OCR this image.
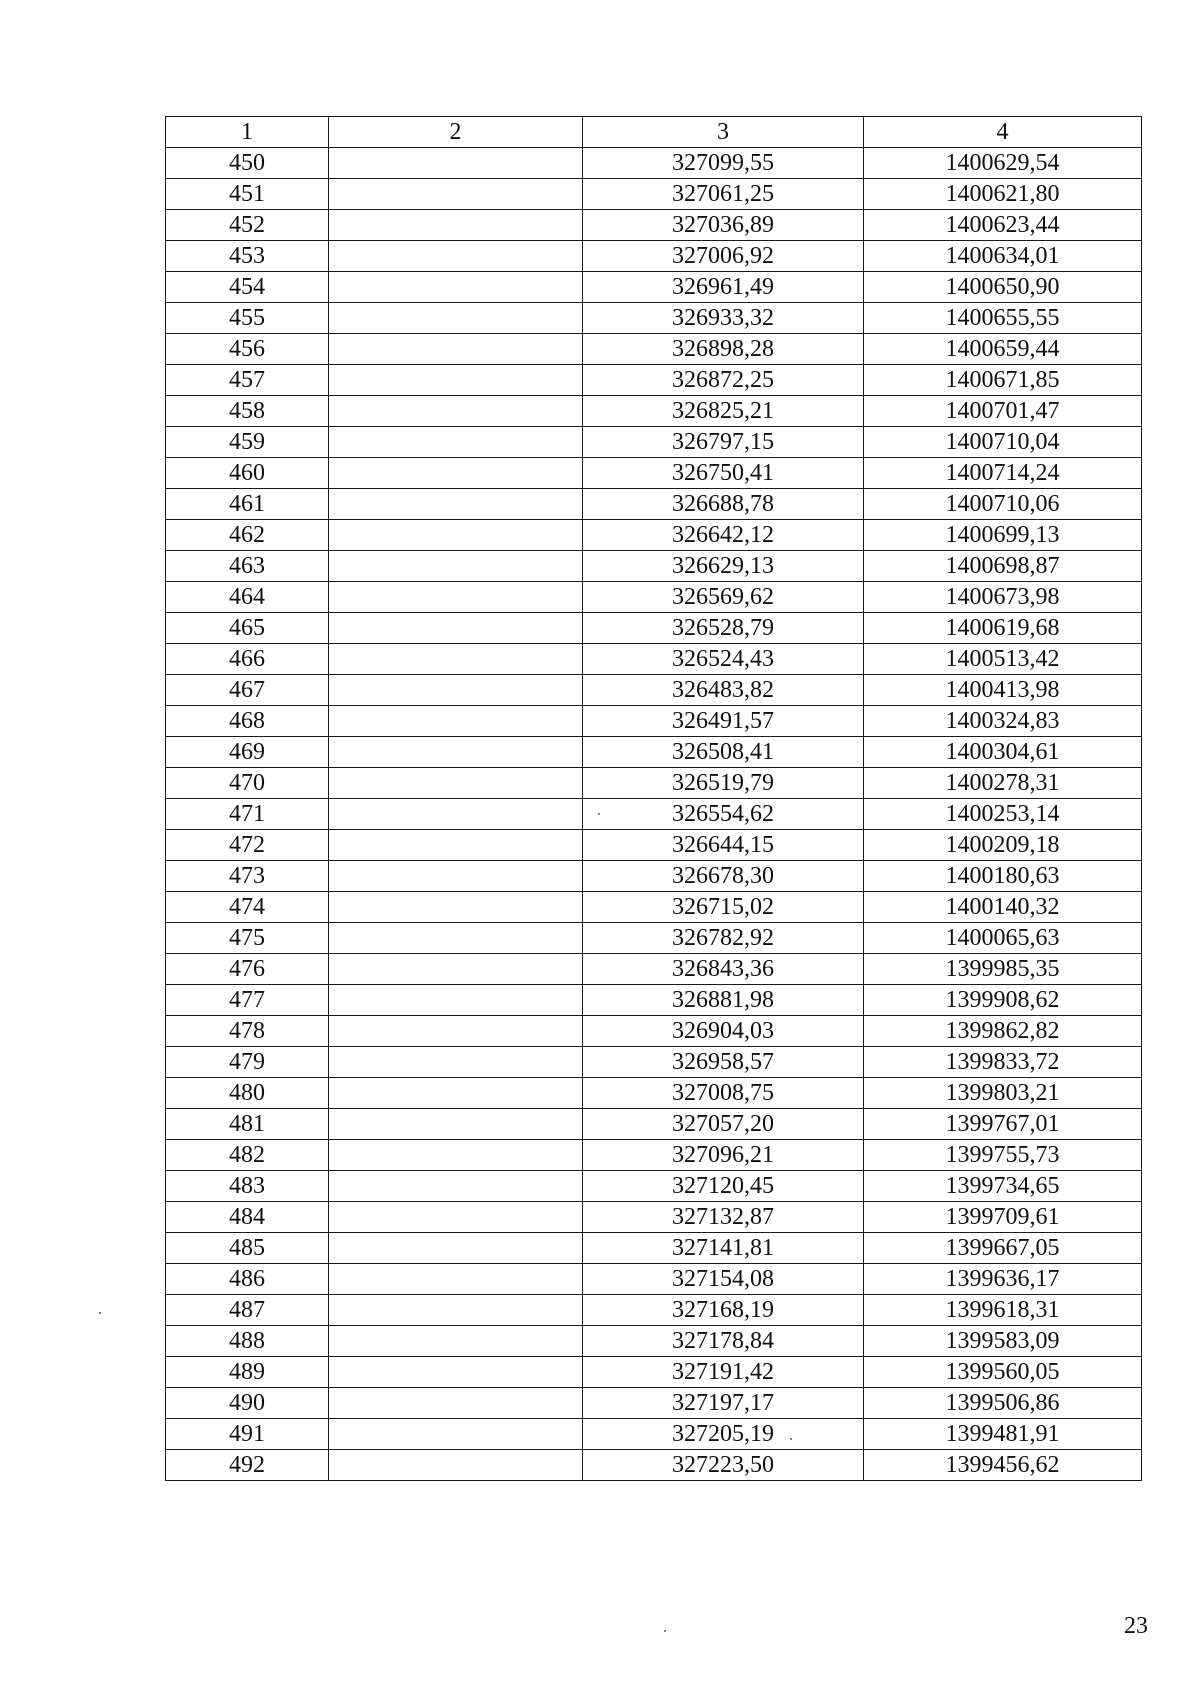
1	2	3	4
450		327099,55	1400629,54
451		327061,25	1400621,80
452		327036,89	1400623,44
453		327006,92	1400634,01
454		326961,49	1400650,90
455		326933,32	1400655,55
456		326898,28	1400659,44
457		326872,25	1400671,85
458		326825,21	1400701,47
459		326797,15	1400710,04
460		326750,41	1400714,24
461		326688,78	1400710,06
462		326642,12	1400699,13
463		326629,13	1400698,87
464		326569,62	1400673,98
465		326528,79	1400619,68
466		326524,43	1400513,42
467		326483,82	1400413,98
468		326491,57	1400324,83
469		326508,41	1400304,61
470		326519,79	1400278,31
471		326554,62	1400253,14
472		326644,15	1400209,18
473		326678,30	1400180,63
474		326715,02	1400140,32
475		326782,92	1400065,63
476		326843,36	1399985,35
477		326881,98	1399908,62
478		326904,03	1399862,82
479		326958,57	1399833,72
480		327008,75	1399803,21
481		327057,20	1399767,01
482		327096,21	1399755,73
483		327120,45	1399734,65
484		327132,87	1399709,61
485		327141,81	1399667,05
486		327154,08	1399636,17
487		327168,19	1399618,31
488		327178,84	1399583,09
489		327191,42	1399560,05
490		327197,17	1399506,86
491		327205,19	1399481,91
492		327223,50	1399456,62
23
